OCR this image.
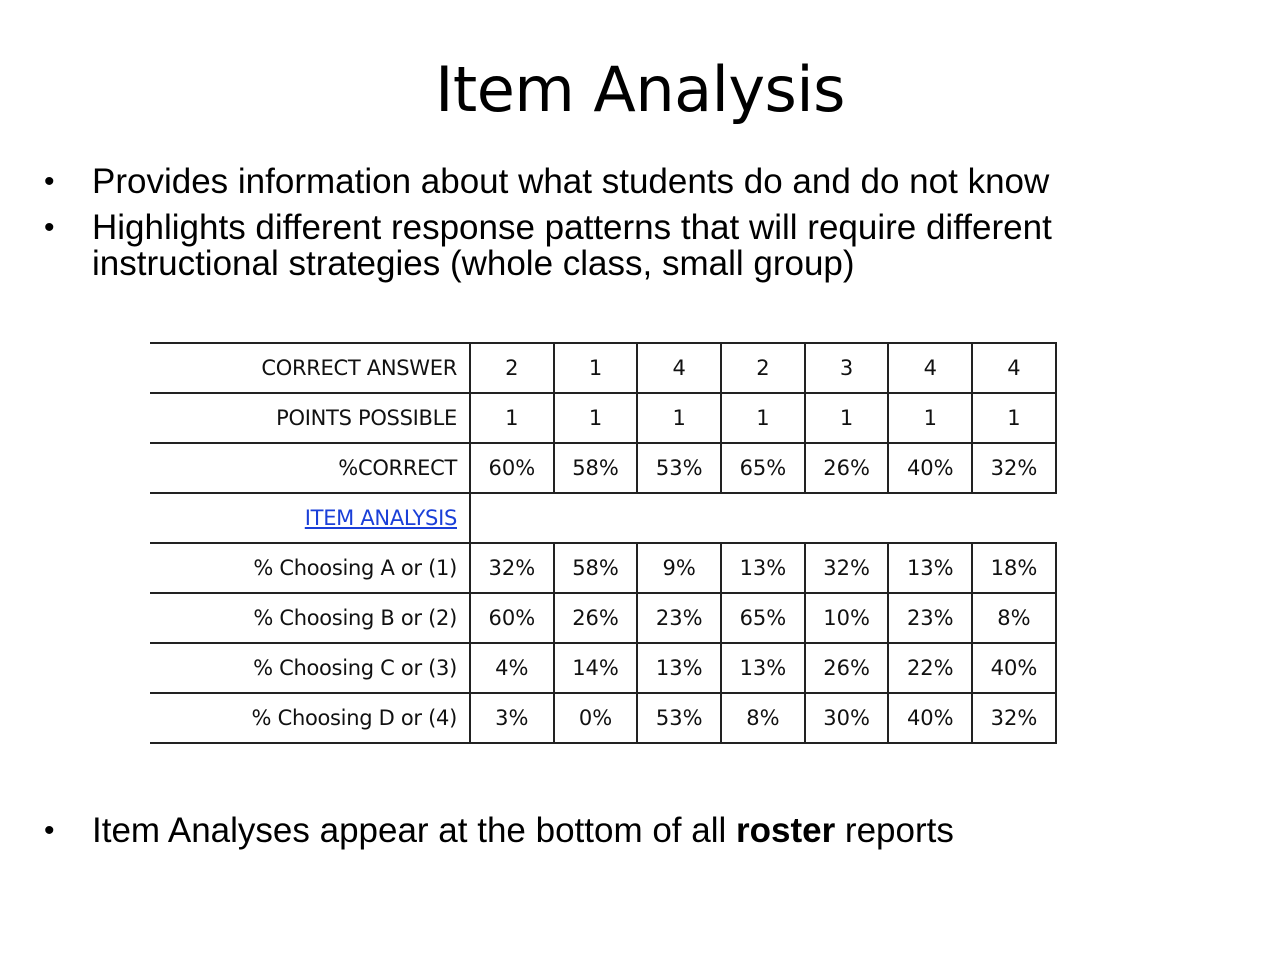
Item Analysis
• Provides information about what students do and do not know
• Highlights different response patterns that will require different instructional strategies (whole class, small group)
CORRECT ANSWER	2	1	4	2	3	4	4
POINTS POSSIBLE	1	1	1	1	1	1	1
%CORRECT	60%	58%	53%	65%	26%	40%	32%
ITEM ANALYSIS							
% Choosing A or (1)	32%	58%	9%	13%	32%	13%	18%
% Choosing B or (2)	60%	26%	23%	65%	10%	23%	8%
% Choosing C or (3)	4%	14%	13%	13%	26%	22%	40%
% Choosing D or (4)	3%	0%	53%	8%	30%	40%	32%
• Item Analyses appear at the bottom of all roster reports
